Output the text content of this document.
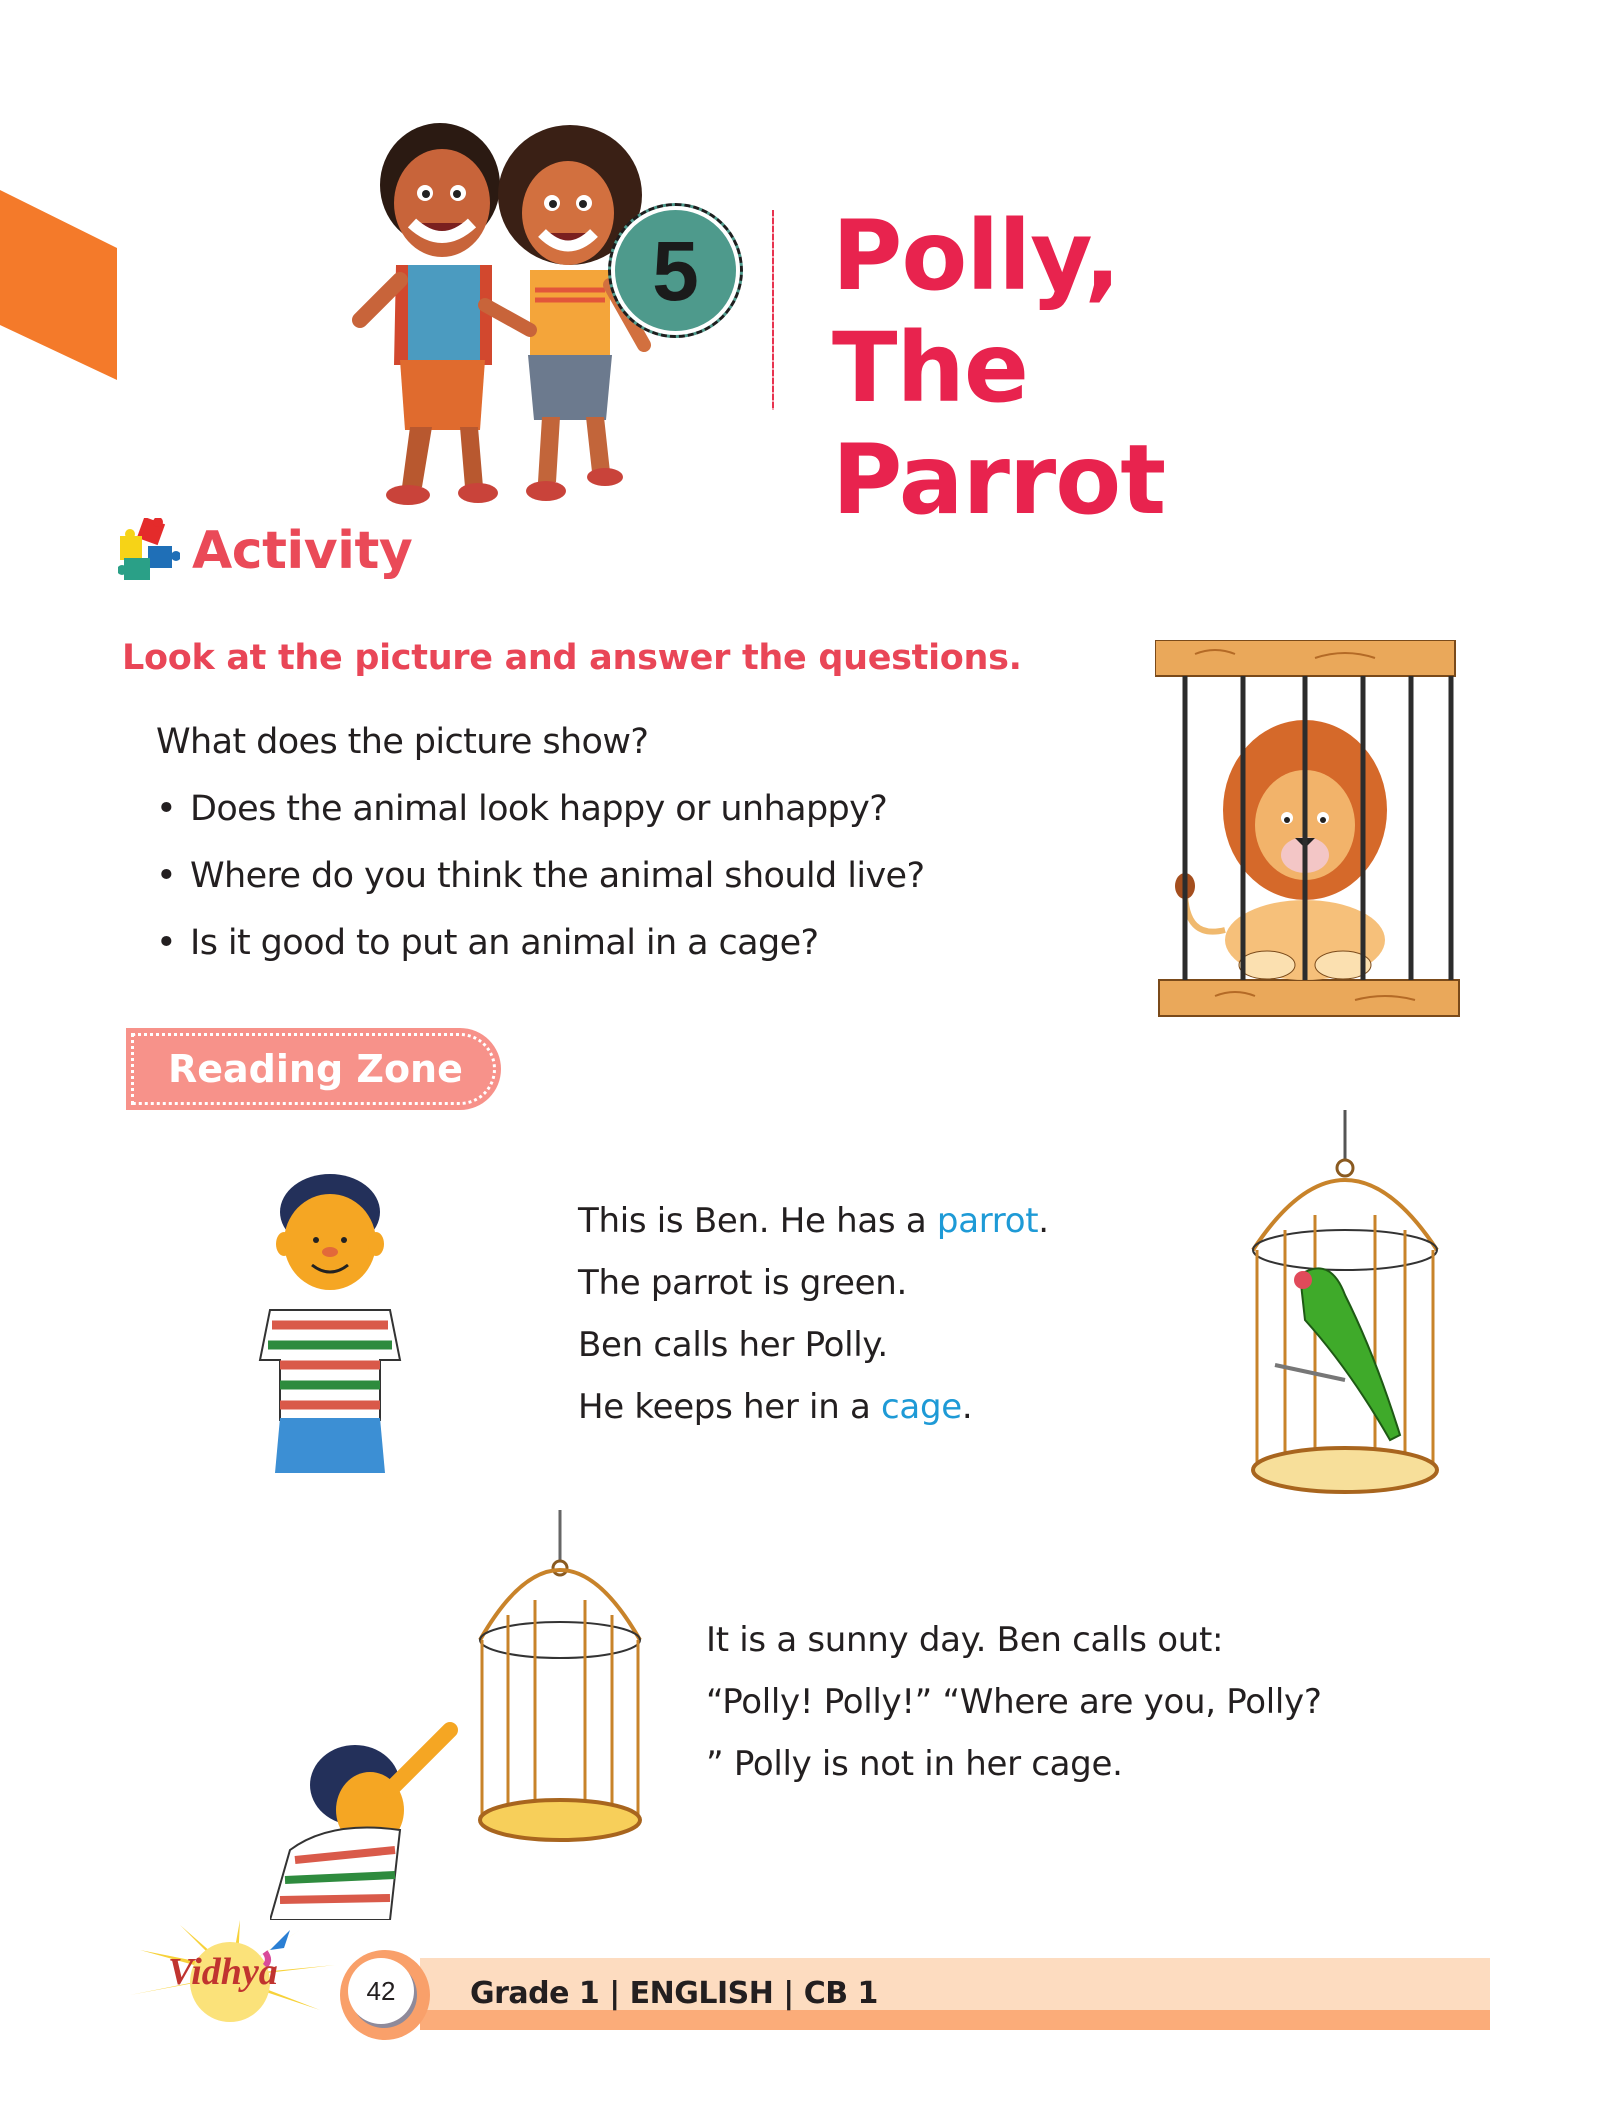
5 Polly,
The Parrot
Activity
Look at the picture and answer the questions.
What does the picture show?
• Does the animal look happy or unhappy?
• Where do you think the animal should live?
• Is it good to put an animal in a cage?
Reading Zone
This is Ben. He has a parrot.
The parrot is green.
Ben calls her Polly.
He keeps her in a cage.
It is a sunny day. Ben calls out:
“Polly! Polly!” “Where are you, Polly?
” Polly is not in her cage.
Vidhya	42 Grade 1 | ENGLISH | CB 1
